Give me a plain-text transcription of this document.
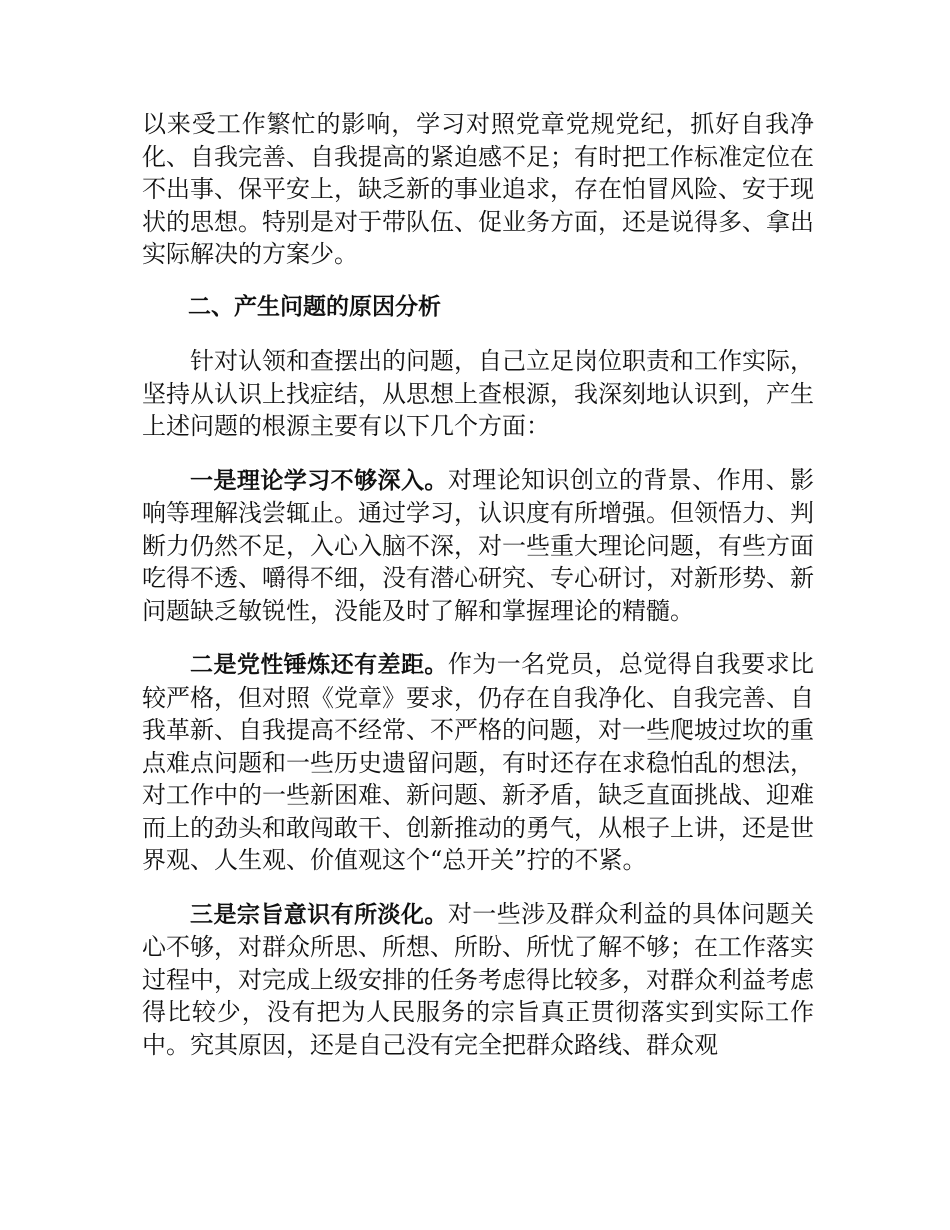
以来受工作繁忙的影响，学习对照党章党规党纪，抓好自我净化、自我完善、自我提高的紧迫感不足；有时把工作标准定位在不出事、保平安上，缺乏新的事业追求，存在怕冒风险、安于现状的思想。特别是对于带队伍、促业务方面，还是说得多、拿出实际解决的方案少。

二、产生问题的原因分析

针对认领和查摆出的问题，自己立足岗位职责和工作实际，坚持从认识上找症结，从思想上查根源，我深刻地认识到，产生上述问题的根源主要有以下几个方面：

一是理论学习不够深入。对理论知识创立的背景、作用、影响等理解浅尝辄止。通过学习，认识度有所增强。但领悟力、判断力仍然不足，入心入脑不深，对一些重大理论问题，有些方面吃得不透、嚼得不细，没有潜心研究、专心研讨，对新形势、新问题缺乏敏锐性，没能及时了解和掌握理论的精髓。

二是党性锤炼还有差距。作为一名党员，总觉得自我要求比较严格，但对照《党章》要求，仍存在自我净化、自我完善、自我革新、自我提高不经常、不严格的问题，对一些爬坡过坎的重点难点问题和一些历史遗留问题，有时还存在求稳怕乱的想法，对工作中的一些新困难、新问题、新矛盾，缺乏直面挑战、迎难而上的劲头和敢闯敢干、创新推动的勇气，从根子上讲，还是世界观、人生观、价值观这个“总开关”拧的不紧。

三是宗旨意识有所淡化。对一些涉及群众利益的具体问题关心不够，对群众所思、所想、所盼、所忧了解不够；在工作落实过程中，对完成上级安排的任务考虑得比较多，对群众利益考虑得比较少，没有把为人民服务的宗旨真正贯彻落实到实际工作中。究其原因，还是自己没有完全把群众路线、群众观
